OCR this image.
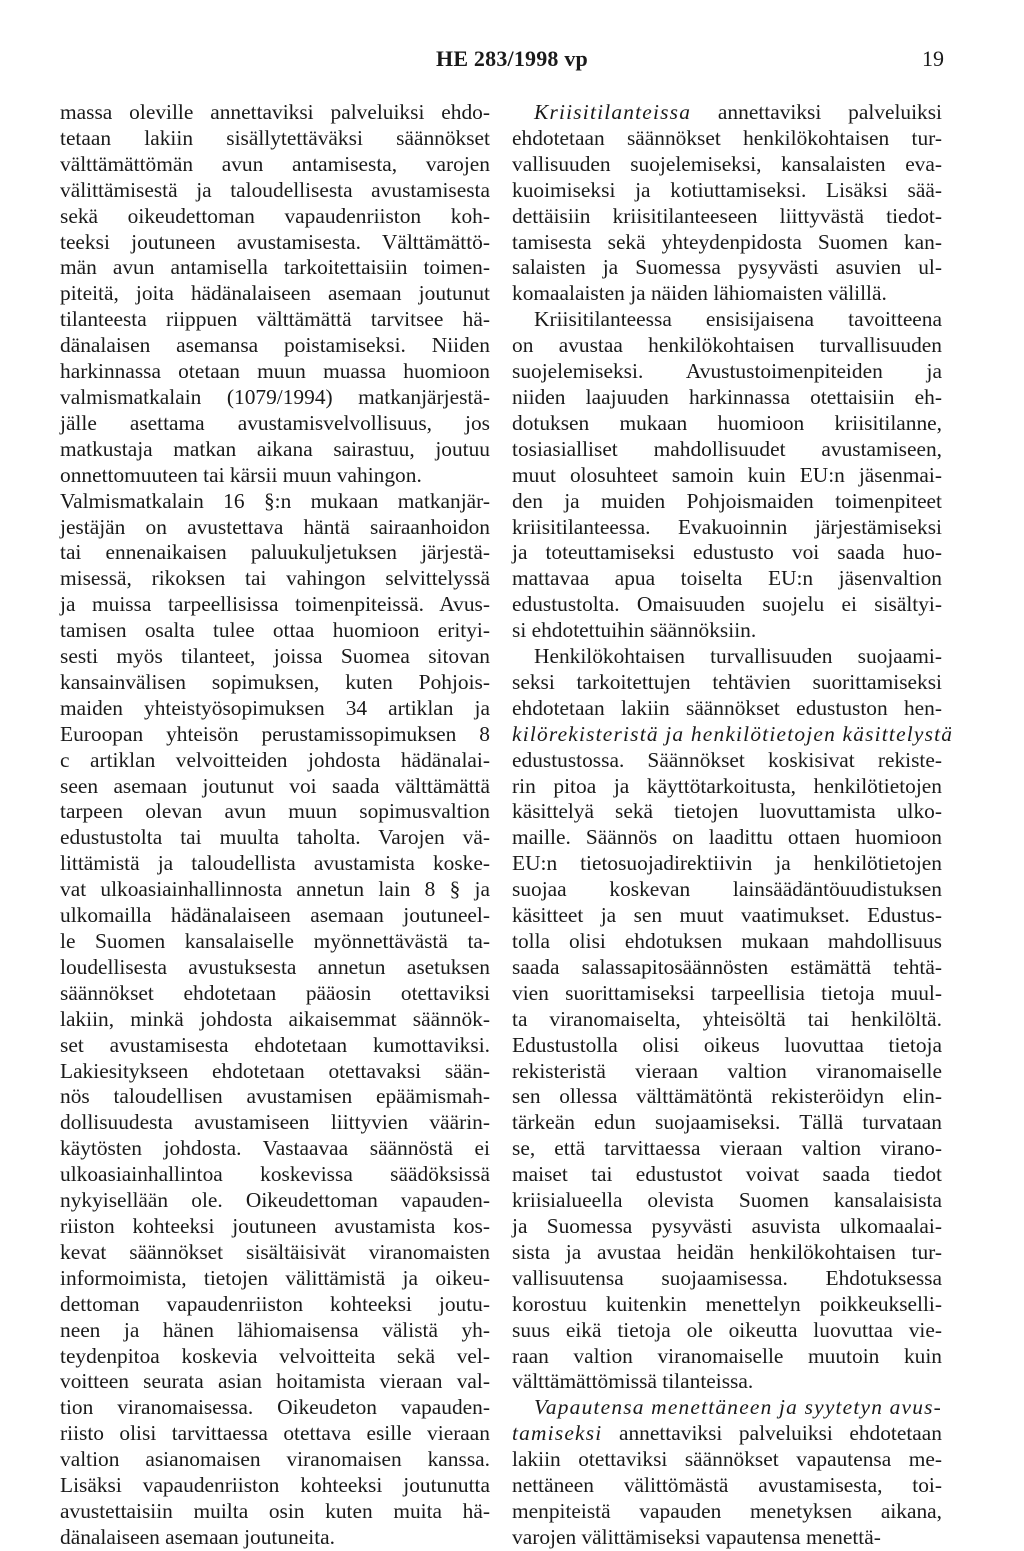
HE 283/1998 vp	19
massa oleville annettaviksi palveluiksi ehdo-
tetaan lakiin sisällytettäväksi säännökset
välttämättömän avun antamisesta, varojen
välittämisestä ja taloudellisesta avustamisesta
sekä oikeudettoman vapaudenriiston koh-
teeksi joutuneen avustamisesta. Välttämättö-
män avun antamisella tarkoitettaisiin toimen-
piteitä, joita hädänalaiseen asemaan joutunut
tilanteesta riippuen välttämättä tarvitsee hä-
dänalaisen asemansa poistamiseksi. Niiden
harkinnassa otetaan muun muassa huomioon
valmismatkalain (1079/1994) matkanjärjestä-
jälle asettama avustamisvelvollisuus, jos
matkustaja matkan aikana sairastuu, joutuu
onnettomuuteen tai kärsii muun vahingon.
Valmismatkalain 16 §:n mukaan matkanjär-
jestäjän on avustettava häntä sairaanhoidon
tai ennenaikaisen paluukuljetuksen järjestä-
misessä, rikoksen tai vahingon selvittelyssä
ja muissa tarpeellisissa toimenpiteissä. Avus-
tamisen osalta tulee ottaa huomioon erityi-
sesti myös tilanteet, joissa Suomea sitovan
kansainvälisen sopimuksen, kuten Pohjois-
maiden yhteistyösopimuksen 34 artiklan ja
Euroopan yhteisön perustamissopimuksen 8
c artiklan velvoitteiden johdosta hädänalai-
seen asemaan joutunut voi saada välttämättä
tarpeen olevan avun muun sopimusvaltion
edustustolta tai muulta taholta. Varojen vä-
littämistä ja taloudellista avustamista koske-
vat ulkoasiainhallinnosta annetun lain 8 § ja
ulkomailla hädänalaiseen asemaan joutuneel-
le Suomen kansalaiselle myönnettävästä ta-
loudellisesta avustuksesta annetun asetuksen
säännökset ehdotetaan pääosin otettaviksi
lakiin, minkä johdosta aikaisemmat säännök-
set avustamisesta ehdotetaan kumottaviksi.
Lakiesitykseen ehdotetaan otettavaksi sään-
nös taloudellisen avustamisen epäämismah-
dollisuudesta avustamiseen liittyvien väärin-
käytösten johdosta. Vastaavaa säännöstä ei
ulkoasiainhallintoa koskevissa säädöksissä
nykyisellään ole. Oikeudettoman vapauden-
riiston kohteeksi joutuneen avustamista kos-
kevat säännökset sisältäisivät viranomaisten
informoimista, tietojen välittämistä ja oikeu-
dettoman vapaudenriiston kohteeksi joutu-
neen ja hänen lähiomaisensa välistä yh-
teydenpitoa koskevia velvoitteita sekä vel-
voitteen seurata asian hoitamista vieraan val-
tion viranomaisessa. Oikeudeton vapauden-
riisto olisi tarvittaessa otettava esille vieraan
valtion asianomaisen viranomaisen kanssa.
Lisäksi vapaudenriiston kohteeksi joutunutta
avustettaisiin muilta osin kuten muita hä-
dänalaiseen asemaan joutuneita.
Kriisitilanteissa annettaviksi palveluiksi
ehdotetaan säännökset henkilökohtaisen tur-
vallisuuden suojelemiseksi, kansalaisten eva-
kuoimiseksi ja kotiuttamiseksi. Lisäksi sää-
dettäisiin kriisitilanteeseen liittyvästä tiedot-
tamisesta sekä yhteydenpidosta Suomen kan-
salaisten ja Suomessa pysyvästi asuvien ul-
komaalaisten ja näiden lähiomaisten välillä.
Kriisitilanteessa ensisijaisena tavoitteena
on avustaa henkilökohtaisen turvallisuuden
suojelemiseksi. Avustustoimenpiteiden ja
niiden laajuuden harkinnassa otettaisiin eh-
dotuksen mukaan huomioon kriisitilanne,
tosiasialliset mahdollisuudet avustamiseen,
muut olosuhteet samoin kuin EU:n jäsenmai-
den ja muiden Pohjoismaiden toimenpiteet
kriisitilanteessa. Evakuoinnin järjestämiseksi
ja toteuttamiseksi edustusto voi saada huo-
mattavaa apua toiselta EU:n jäsenvaltion
edustustolta. Omaisuuden suojelu ei sisältyi-
si ehdotettuihin säännöksiin.
Henkilökohtaisen turvallisuuden suojaami-
seksi tarkoitettujen tehtävien suorittamiseksi
ehdotetaan lakiin säännökset edustuston hen-
kilörekisteristä ja henkilötietojen käsittelystä
edustustossa. Säännökset koskisivat rekiste-
rin pitoa ja käyttötarkoitusta, henkilötietojen
käsittelyä sekä tietojen luovuttamista ulko-
maille. Säännös on laadittu ottaen huomioon
EU:n tietosuojadirektiivin ja henkilötietojen
suojaa koskevan lainsäädäntöuudistuksen
käsitteet ja sen muut vaatimukset. Edustus-
tolla olisi ehdotuksen mukaan mahdollisuus
saada salassapitosäännösten estämättä tehtä-
vien suorittamiseksi tarpeellisia tietoja muul-
ta viranomaiselta, yhteisöltä tai henkilöltä.
Edustustolla olisi oikeus luovuttaa tietoja
rekisteristä vieraan valtion viranomaiselle
sen ollessa välttämätöntä rekisteröidyn elin-
tärkeän edun suojaamiseksi. Tällä turvataan
se, että tarvittaessa vieraan valtion virano-
maiset tai edustustot voivat saada tiedot
kriisialueella olevista Suomen kansalaisista
ja Suomessa pysyvästi asuvista ulkomaalai-
sista ja avustaa heidän henkilökohtaisen tur-
vallisuutensa suojaamisessa. Ehdotuksessa
korostuu kuitenkin menettelyn poikkeukselli-
suus eikä tietoja ole oikeutta luovuttaa vie-
raan valtion viranomaiselle muutoin kuin
välttämättömissä tilanteissa.
Vapautensa menettäneen ja syytetyn avus-
tamiseksi annettaviksi palveluiksi ehdotetaan
lakiin otettaviksi säännökset vapautensa me-
nettäneen välittömästä avustamisesta, toi-
menpiteistä vapauden menetyksen aikana,
varojen välittämiseksi vapautensa menettä-
